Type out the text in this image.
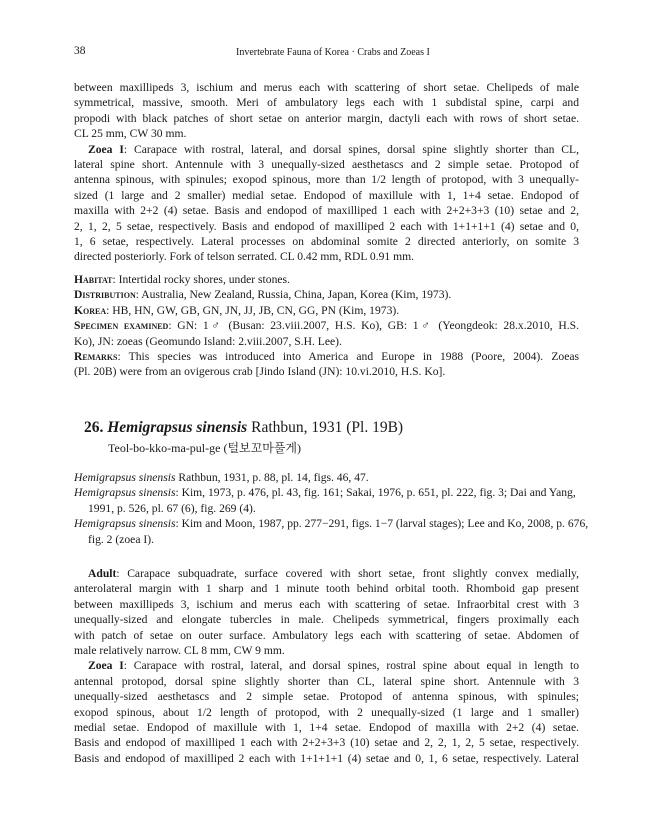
38	Invertebrate Fauna of Korea · Crabs and Zoeas I
between maxillipeds 3, ischium and merus each with scattering of short setae. Chelipeds of male
symmetrical, massive, smooth. Meri of ambulatory legs each with 1 subdistal spine, carpi and
propodi with black patches of short setae on anterior margin, dactyli each with rows of short setae.
CL 25 mm, CW 30 mm.
Zoea I: Carapace with rostral, lateral, and dorsal spines, dorsal spine slightly shorter than CL,
lateral spine short. Antennule with 3 unequally-sized aesthetascs and 2 simple setae. Protopod of
antenna spinous, with spinules; exopod spinous, more than 1/2 length of protopod, with 3 unequally-
sized (1 large and 2 smaller) medial setae. Endopod of maxillule with 1, 1+4 setae. Endopod of
maxilla with 2+2 (4) setae. Basis and endopod of maxilliped 1 each with 2+2+3+3 (10) setae and 2,
2, 1, 2, 5 setae, respectively. Basis and endopod of maxilliped 2 each with 1+1+1+1 (4) setae and 0,
1, 6 setae, respectively. Lateral processes on abdominal somite 2 directed anteriorly, on somite 3
directed posteriorly. Fork of telson serrated. CL 0.42 mm, RDL 0.91 mm.
Habitat: Intertidal rocky shores, under stones.
Distribution: Australia, New Zealand, Russia, China, Japan, Korea (Kim, 1973).
Korea: HB, HN, GW, GB, GN, JN, JJ, JB, CN, GG, PN (Kim, 1973).
Specimen examined: GN: 1♂ (Busan: 23.viii.2007, H.S. Ko), GB: 1♂ (Yeongdeok: 28.x.2010, H.S.
Ko), JN: zoeas (Geomundo Island: 2.viii.2007, S.H. Lee).
Remarks: This species was introduced into America and Europe in 1988 (Poore, 2004). Zoeas
(Pl. 20B) were from an ovigerous crab [Jindo Island (JN): 10.vi.2010, H.S. Ko].
26. Hemigrapsus sinensis Rathbun, 1931 (Pl. 19B)
Teol-bo-kko-ma-pul-ge (털보꼬마풀게)
Hemigrapsus sinensis Rathbun, 1931, p. 88, pl. 14, figs. 46, 47.
Hemigrapsus sinensis: Kim, 1973, p. 476, pl. 43, fig. 161; Sakai, 1976, p. 651, pl. 222, fig. 3; Dai and Yang, 1991, p. 526, pl. 67 (6), fig. 269 (4).
Hemigrapsus sinensis: Kim and Moon, 1987, pp. 277−291, figs. 1−7 (larval stages); Lee and Ko, 2008, p. 676, fig. 2 (zoea I).
Adult: Carapace subquadrate, surface covered with short setae, front slightly convex medially,
anterolateral margin with 1 sharp and 1 minute tooth behind orbital tooth. Rhomboid gap present
between maxillipeds 3, ischium and merus each with scattering of setae. Infraorbital crest with 3
unequally-sized and elongate tubercles in male. Chelipeds symmetrical, fingers proximally each
with patch of setae on outer surface. Ambulatory legs each with scattering of setae. Abdomen of
male relatively narrow. CL 8 mm, CW 9 mm.
Zoea I: Carapace with rostral, lateral, and dorsal spines, rostral spine about equal in length to
antennal protopod, dorsal spine slightly shorter than CL, lateral spine short. Antennule with 3
unequally-sized aesthetascs and 2 simple setae. Protopod of antenna spinous, with spinules;
exopod spinous, about 1/2 length of protopod, with 2 unequally-sized (1 large and 1 smaller)
medial setae. Endopod of maxillule with 1, 1+4 setae. Endopod of maxilla with 2+2 (4) setae.
Basis and endopod of maxilliped 1 each with 2+2+3+3 (10) setae and 2, 2, 1, 2, 5 setae, respectively.
Basis and endopod of maxilliped 2 each with 1+1+1+1 (4) setae and 0, 1, 6 setae, respectively. Lateral
